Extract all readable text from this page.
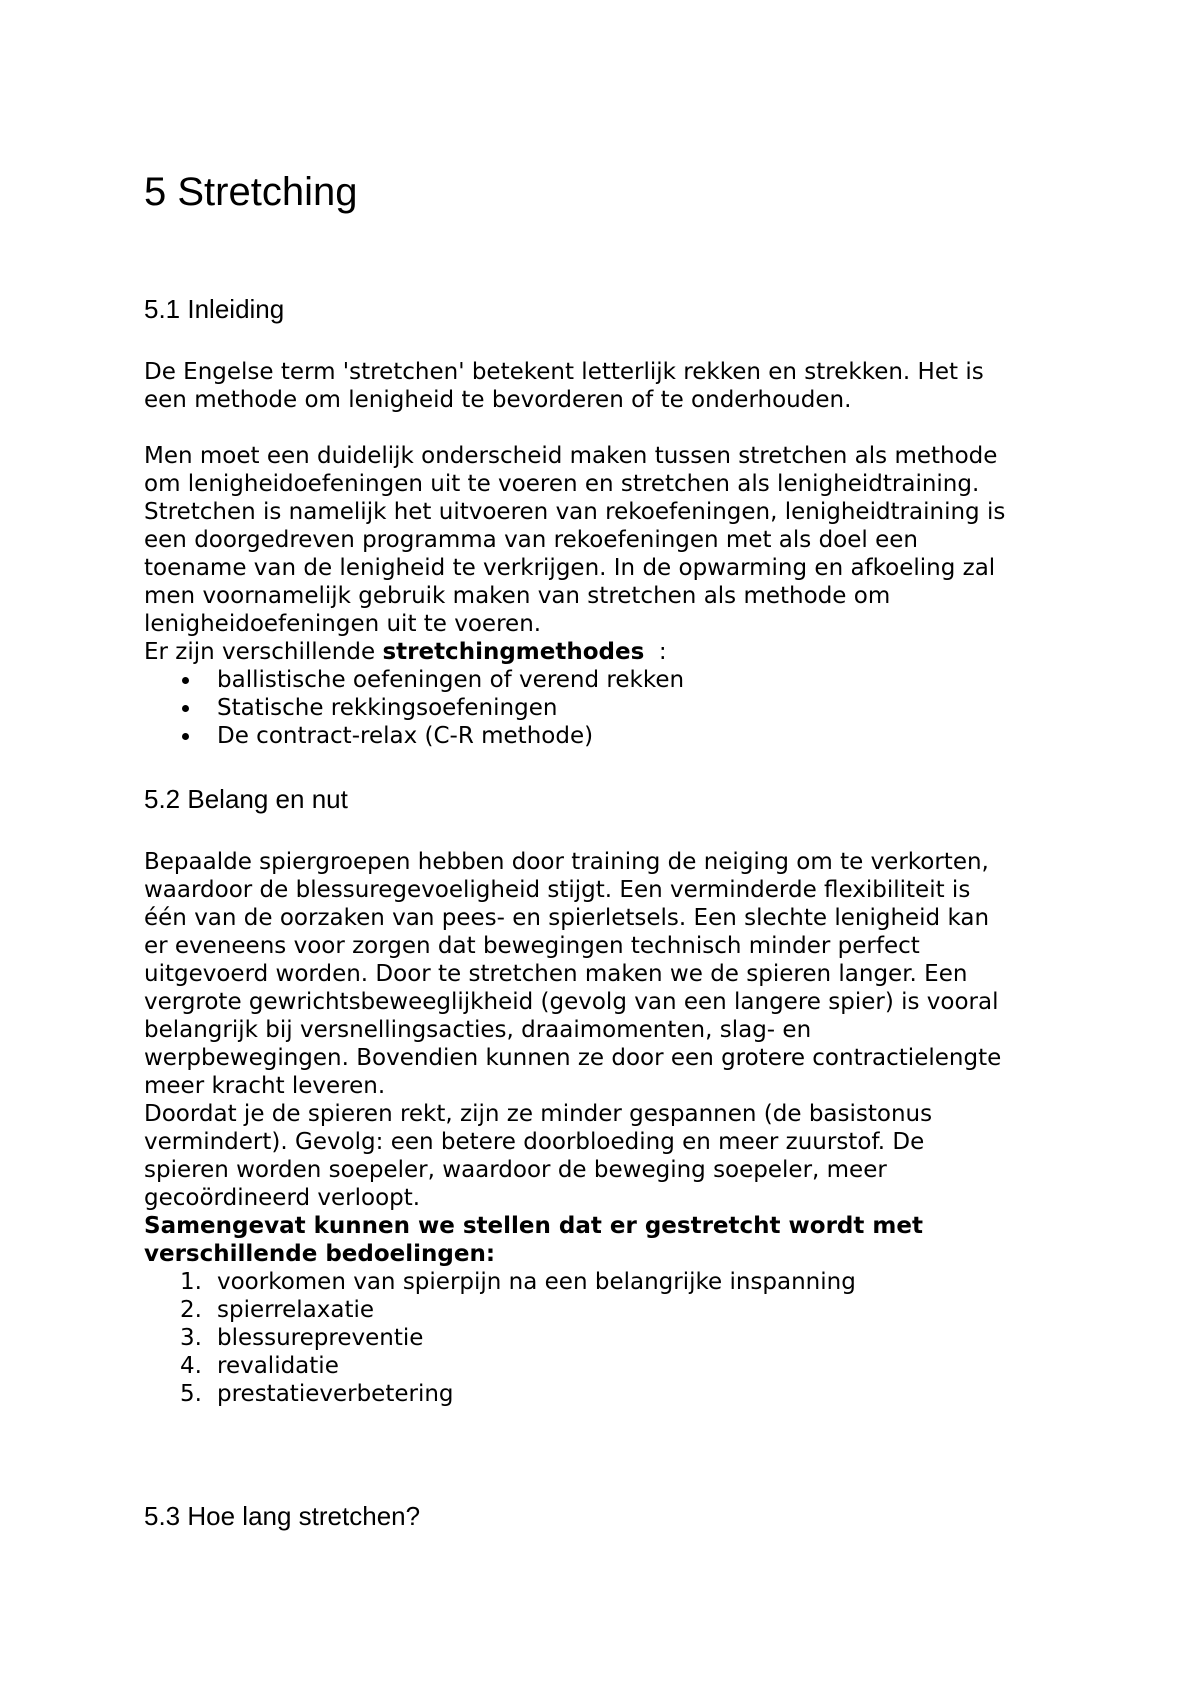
5 Stretching
5.1 Inleiding
De Engelse term 'stretchen' betekent letterlijk rekken en strekken. Het is
een methode om lenigheid te bevorderen of te onderhouden.
Men moet een duidelijk onderscheid maken tussen stretchen als methode
om lenigheidoefeningen uit te voeren en stretchen als lenigheidtraining.
Stretchen is namelijk het uitvoeren van rekoefeningen, lenigheidtraining is
een doorgedreven programma van rekoefeningen met als doel een
toename van de lenigheid te verkrijgen. In de opwarming en afkoeling zal
men voornamelijk gebruik maken van stretchen als methode om
lenigheidoefeningen uit te voeren.
Er zijn verschillende stretchingmethodes  :
ballistische oefeningen of verend rekken
Statische rekkingsoefeningen
De contract-relax (C-R methode)
5.2 Belang en nut
Bepaalde spiergroepen hebben door training de neiging om te verkorten,
waardoor de blessuregevoeligheid stijgt. Een verminderde flexibiliteit is
één van de oorzaken van pees- en spierletsels. Een slechte lenigheid kan
er eveneens voor zorgen dat bewegingen technisch minder perfect
uitgevoerd worden. Door te stretchen maken we de spieren langer. Een
vergrote gewrichtsbeweeglijkheid (gevolg van een langere spier) is vooral
belangrijk bij versnellingsacties, draaimomenten, slag- en
werpbewegingen. Bovendien kunnen ze door een grotere contractielengte
meer kracht leveren.
Doordat je de spieren rekt, zijn ze minder gespannen (de basistonus
vermindert). Gevolg: een betere doorbloeding en meer zuurstof. De
spieren worden soepeler, waardoor de beweging soepeler, meer
gecoördineerd verloopt.
Samengevat kunnen we stellen dat er gestretcht wordt met
verschillende bedoelingen:
1. voorkomen van spierpijn na een belangrijke inspanning
2. spierrelaxatie
3. blessurepreventie
4. revalidatie
5. prestatieverbetering
5.3 Hoe lang stretchen?
